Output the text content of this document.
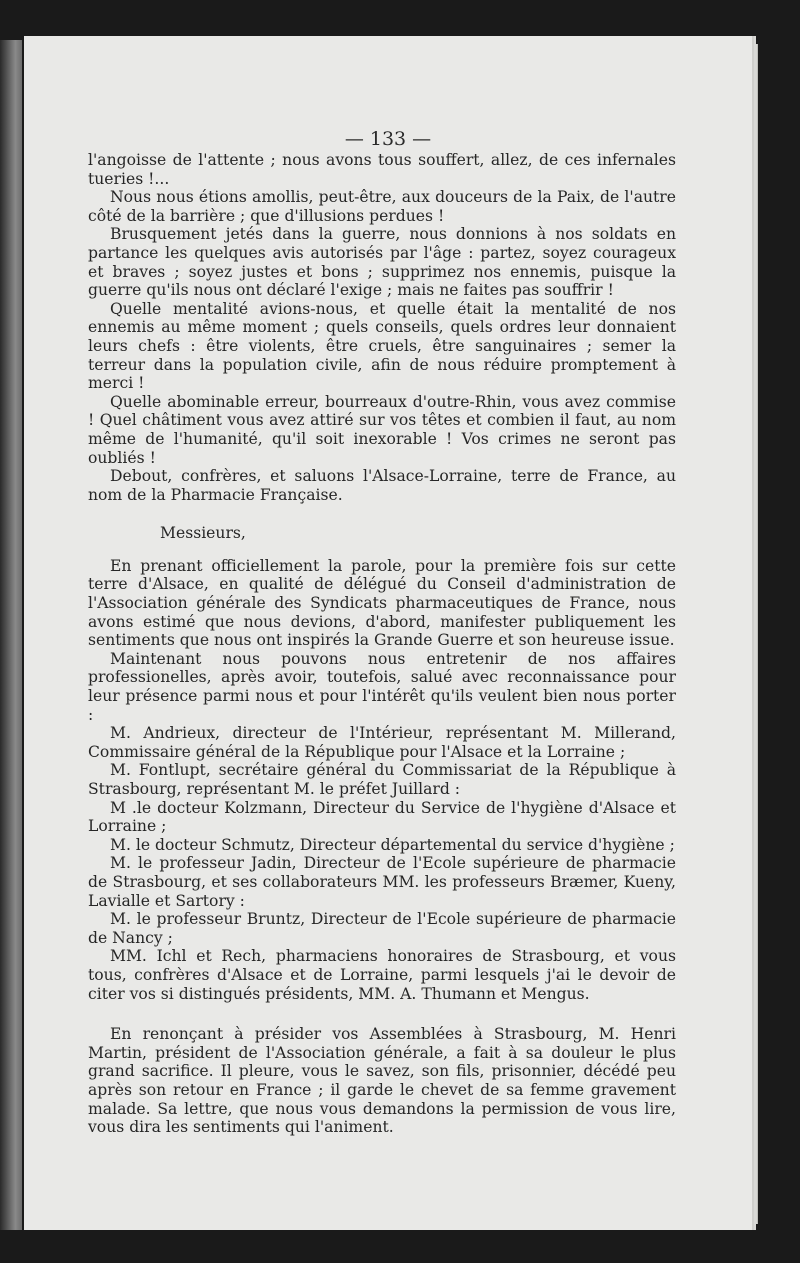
— 133 —

l'angoisse de l'attente ; nous avons tous souffert, allez, de ces infernales tueries !...

Nous nous étions amollis, peut-être, aux douceurs de la Paix, de l'autre côté de la barrière ; que d'illusions perdues !

Brusquement jetés dans la guerre, nous donnions à nos soldats en partance les quelques avis autorisés par l'âge : partez, soyez courageux et braves ; soyez justes et bons ; supprimez nos ennemis, puisque la guerre qu'ils nous ont déclaré l'exige ; mais ne faites pas souffrir !

Quelle mentalité avions-nous, et quelle était la mentalité de nos ennemis au même moment ; quels conseils, quels ordres leur donnaient leurs chefs : être violents, être cruels, être sanguinaires ; semer la terreur dans la population civile, afin de nous réduire promptement à merci !

Quelle abominable erreur, bourreaux d'outre-Rhin, vous avez commise ! Quel châtiment vous avez attiré sur vos têtes et combien il faut, au nom même de l'humanité, qu'il soit inexorable ! Vos crimes ne seront pas oubliés !

Debout, confrères, et saluons l'Alsace-Lorraine, terre de France, au nom de la Pharmacie Française.

Messieurs,

En prenant officiellement la parole, pour la première fois sur cette terre d'Alsace, en qualité de délégué du Conseil d'administration de l'Association générale des Syndicats pharmaceutiques de France, nous avons estimé que nous devions, d'abord, manifester publiquement les sentiments que nous ont inspirés la Grande Guerre et son heureuse issue.

Maintenant nous pouvons nous entretenir de nos affaires professionelles, après avoir, toutefois, salué avec reconnaissance pour leur présence parmi nous et pour l'intérêt qu'ils veulent bien nous porter :

M. Andrieux, directeur de l'Intérieur, représentant M. Millerand, Commissaire général de la République pour l'Alsace et la Lorraine ;

M. Fontlupt, secrétaire général du Commissariat de la République à Strasbourg, représentant M. le préfet Juillard :

M .le docteur Kolzmann, Directeur du Service de l'hygiène d'Alsace et Lorraine ;

M. le docteur Schmutz, Directeur départemental du service d'hygiène ;

M. le professeur Jadin, Directeur de l'Ecole supérieure de pharmacie de Strasbourg, et ses collaborateurs MM. les professeurs Bræmer, Kueny, Lavialle et Sartory :

M. le professeur Bruntz, Directeur de l'Ecole supérieure de pharmacie de Nancy ;

MM. Ichl et Rech, pharmaciens honoraires de Strasbourg, et vous tous, confrères d'Alsace et de Lorraine, parmi lesquels j'ai le devoir de citer vos si distingués présidents, MM. A. Thumann et Mengus.

En renonçant à présider vos Assemblées à Strasbourg, M. Henri Martin, président de l'Association générale, a fait à sa douleur le plus grand sacrifice. Il pleure, vous le savez, son fils, prisonnier, décédé peu après son retour en France ; il garde le chevet de sa femme gravement malade. Sa lettre, que nous vous demandons la permission de vous lire, vous dira les sentiments qui l'animent.
